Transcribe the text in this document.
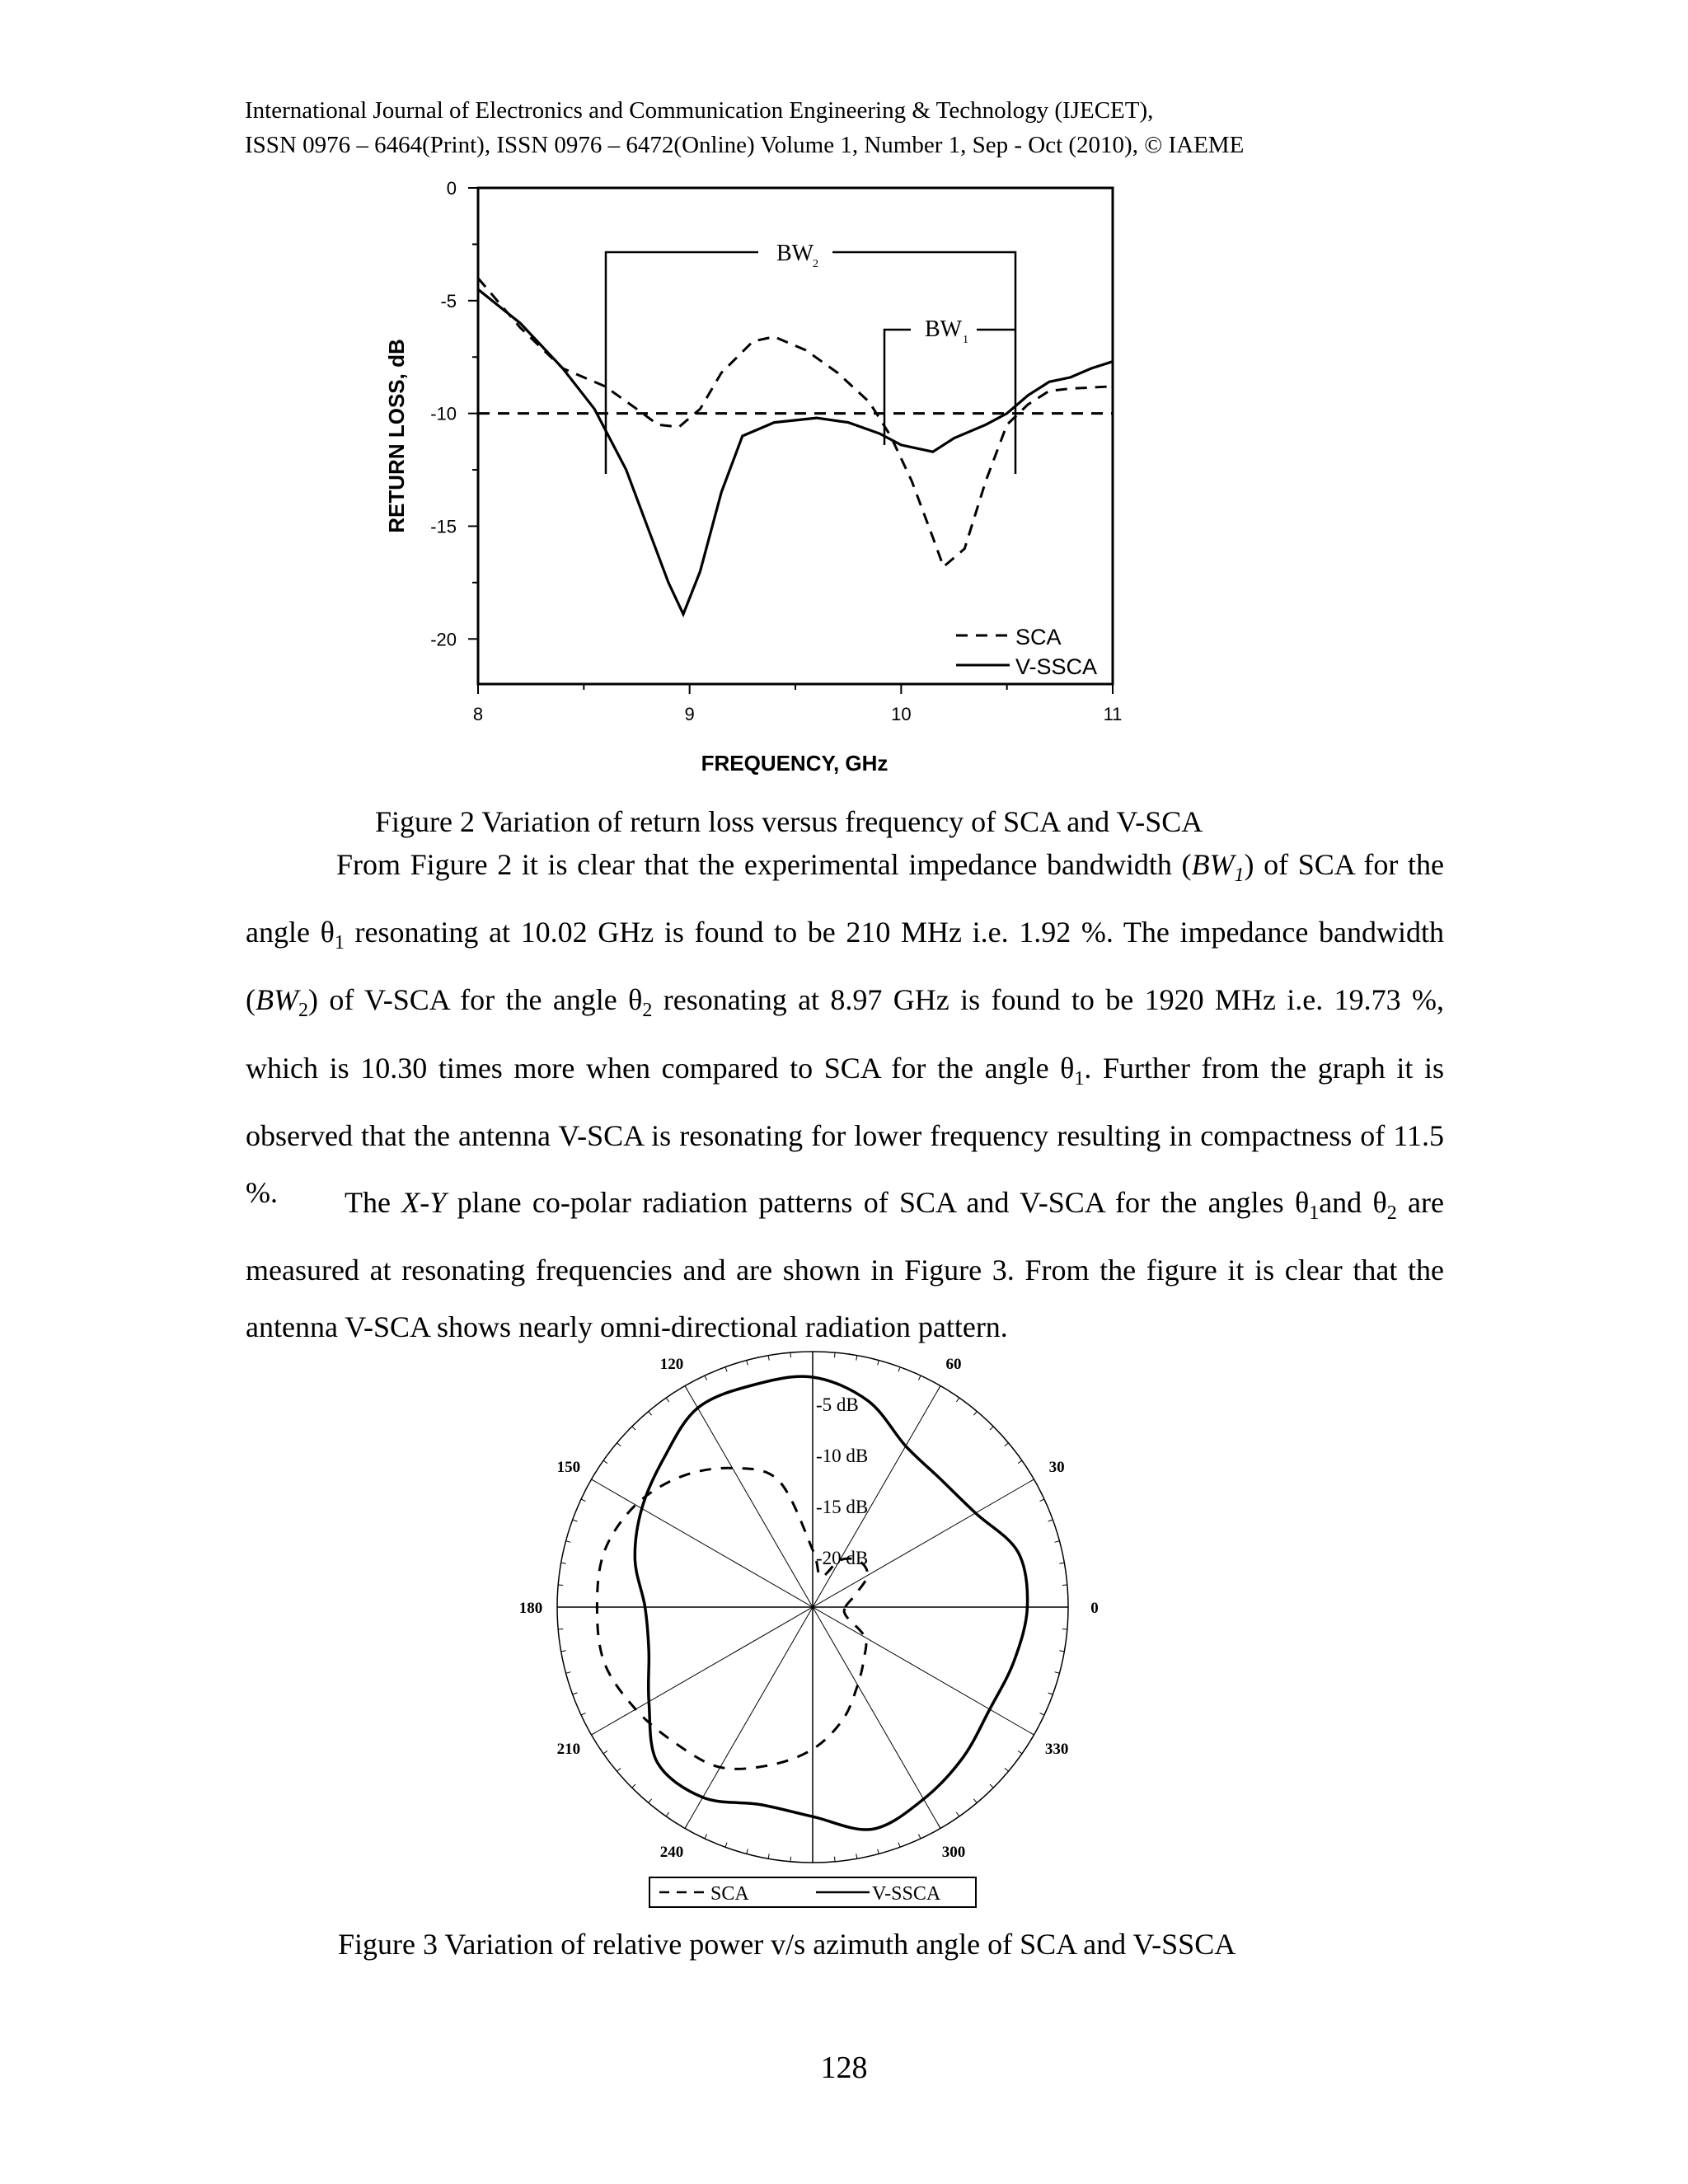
International Journal of Electronics and Communication Engineering & Technology (IJECET),
ISSN 0976 – 6464(Print), ISSN 0976 – 6472(Online) Volume 1, Number 1, Sep - Oct (2010), © IAEME
0
-5
-10
-15
-20
8	9	10	11
BW
2
BW 1
SCA
V-SSCA
FREQUENCY, GHz
RETURN LOSS, dB
Figure 2 Variation of return loss versus frequency of SCA and V-SCA

From Figure 2 it is clear that the experimental impedance bandwidth $(BW_1)$ of SCA for the angle $\theta_1$ resonating at 10.02 GHz is found to be 210 MHz i.e. 1.92 %. The impedance bandwidth $(BW_2)$ of V-SCA for the angle $\theta_2$ resonating at 8.97 GHz is found to be 1920 MHz i.e. 19.73 %, which is 10.30 times more when compared to SCA for the angle $\theta_1$. Further from the graph it is observed that the antenna V-SCA is resonating for lower frequency resulting in compactness of 11.5 %.	The X-Y plane co-polar radiation patterns of SCA and V-SCA for the angles $\theta_1and$ $\theta_2$ are measured at resonating frequencies and are shown in Figure 3. From the figure it is clear that the antenna V-SCA shows nearly omni-directional radiation pattern.

0
30
60
120
150
180
210
240	300
330
-5 dB
-10 dB
-15 dB
-20 dB
SCA	V-SSCA
Figure 3 Variation of relative power v/s azimuth angle of SCA and V-SSCA
128
